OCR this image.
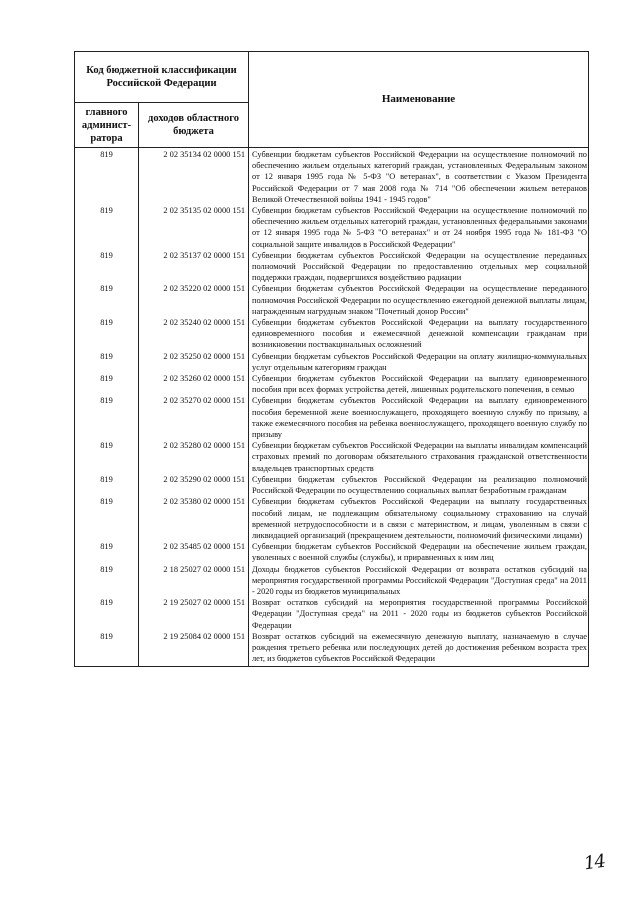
Код бюджетной классификации Российской Федерации		Наименование
главного админист-ратора	доходов областного бюджета	
819	2 02 35134 02 0000 151	Субвенции бюджетам субъектов Российской Федерации на осуществление полномочий по обеспечению жильем отдельных категорий граждан, установленных Федеральным законом от 12 января 1995 года № 5-ФЗ "О ветеранах", в соответствии с Указом Президента Российской Федерации от 7 мая 2008 года № 714 "Об обеспечении жильем ветеранов Великой Отечественной войны 1941 - 1945 годов"
819	2 02 35135 02 0000 151	Субвенции бюджетам субъектов Российской Федерации на осуществление полномочий по обеспечению жильем отдельных категорий граждан, установленных федеральными законами от 12 января 1995 года № 5-ФЗ "О ветеранах" и от 24 ноября 1995 года № 181-ФЗ "О социальной защите инвалидов в Российской Федерации"
819	2 02 35137 02 0000 151	Субвенции бюджетам субъектов Российской Федерации на осуществление переданных полномочий Российской Федерации по предоставлению отдельных мер социальной поддержки граждан, подвергшихся воздействию радиации
819	2 02 35220 02 0000 151	Субвенции бюджетам субъектов Российской Федерации на осуществление переданного полномочия Российской Федерации по осуществлению ежегодной денежной выплаты лицам, награжденным нагрудным знаком "Почетный донор России"
819	2 02 35240 02 0000 151	Субвенции бюджетам субъектов Российской Федерации на выплату государственного единовременного пособия и ежемесячной денежной компенсации гражданам при возникновении поствакцинальных осложнений
819	2 02 35250 02 0000 151	Субвенции бюджетам субъектов Российской Федерации на оплату жилищно-коммунальных услуг отдельным категориям граждан
819	2 02 35260 02 0000 151	Субвенции бюджетам субъектов Российской Федерации на выплату единовременного пособия при всех формах устройства детей, лишенных родительского попечения, в семью
819	2 02 35270 02 0000 151	Субвенции бюджетам субъектов Российской Федерации на выплату единовременного пособия беременной жене военнослужащего, проходящего военную службу по призыву, а также ежемесячного пособия на ребенка военнослужащего, проходящего военную службу по призыву
819	2 02 35280 02 0000 151	Субвенции бюджетам субъектов Российской Федерации на выплаты инвалидам компенсаций страховых премий по договорам обязательного страхования гражданской ответственности владельцев транспортных средств
819	2 02 35290 02 0000 151	Субвенции бюджетам субъектов Российской Федерации на реализацию полномочий Российской Федерации по осуществлению социальных выплат безработным гражданам
819	2 02 35380 02 0000 151	Субвенции бюджетам субъектов Российской Федерации на выплату государственных пособий лицам, не подлежащим обязательному социальному страхованию на случай временной нетрудоспособности и в связи с материнством, и лицам, уволенным в связи с ликвидацией организаций (прекращением деятельности, полномочий физическими лицами)
819	2 02 35485 02 0000 151	Субвенции бюджетам субъектов Российской Федерации на обеспечение жильем граждан, уволенных с военной службы (службы), и приравненных к ним лиц
819	2 18 25027 02 0000 151	Доходы бюджетов субъектов Российской Федерации от возврата остатков субсидий на мероприятия государственной программы Российской Федерации "Доступная среда" на 2011 - 2020 годы из бюджетов муниципальных
819	2 19 25027 02 0000 151	Возврат остатков субсидий на мероприятия государственной программы Российской Федерации "Доступная среда" на 2011 - 2020 годы из бюджетов субъектов Российской Федерации
819	2 19 25084 02 0000 151	Возврат остатков субсидий на ежемесячную денежную выплату, назначаемую в случае рождения третьего ребенка или последующих детей до достижения ребенком возраста трех лет, из бюджетов субъектов Российской Федерации
14
